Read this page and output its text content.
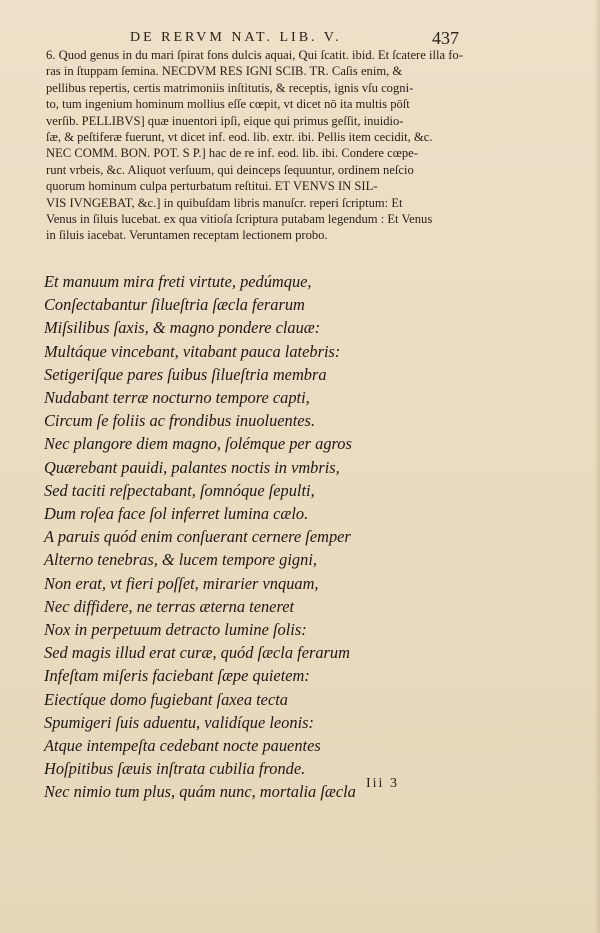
DE RERVM NAT. LIB. V.	437
6. Quod genus in du mari ſpirat fons dulcis aquai, Qui ſcatit. ibid. Et ſcatere illa fo-
ras in ſtuppam ſemina. NECDVM RES IGNI SCIB. TR. Caſis enim, &
pellibus repertis, certis matrimoniis inſtitutis, & receptis, ignis vſu cogni-
to, tum ingenium hominum mollius eſſe cœpit, vt dicet nō ita multis pōſt
verſib. PELLIBVS] quæ inuentori ipſi, eique qui primus geſſit, inuidio-
ſæ, & peſtiferæ fuerunt, vt dicet inf. eod. lib. extr. ibi. Pellis item cecidit, &c.
NEC COMM. BON. POT. S P.] hac de re inf. eod. lib. ibi. Condere cœpe-
runt vrbeis, &c. Aliquot verſuum, qui deinceps ſequuntur, ordinem neſcio
quorum hominum culpa perturbatum reſtitui. ET VENVS IN SIL-
VIS IVNGEBAT, &c.] in quibuſdam libris manuſcr. reperi ſcriptum: Et
Venus in ſiluis lucebat. ex qua vitioſa ſcriptura putabam legendum : Et Venus
in ſiluis iacebat. Veruntamen receptam lectionem probo.
Et manuum mira freti virtute, pedúmque,
Conſectabantur ſilueſtria ſæcla ferarum
Miſsilibus ſaxis, & magno pondere clauæ:
Multáque vincebant, vitabant pauca latebris:
Setigeriſque pares ſuibus ſilueſtria membra
Nudabant terræ nocturno tempore capti,
Circum ſe foliis ac frondibus inuoluentes.
Nec plangore diem magno, ſolémque per agros
Quærebant pauidi, palantes noctis in vmbris,
Sed taciti reſpectabant, ſomnóque ſepulti,
Dum roſea face ſol inferret lumina cælo.
A paruis quód enim conſuerant cernere ſemper
Alterno tenebras, & lucem tempore gigni,
Non erat, vt fieri poſſet, mirarier vnquam,
Nec diffidere, ne terras æterna teneret
Nox in perpetuum detracto lumine ſolis:
Sed magis illud erat curæ, quód ſæcla ferarum
Infeſtam miſeris faciebant ſæpe quietem:
Eiectíque domo fugiebant ſaxea tecta
Spumigeri ſuis aduentu, validíque leonis:
Atque intempeſta cedebant nocte pauentes
Hoſpitibus ſæuis inſtrata cubilia fronde.
Nec nimio tum plus, quám nunc, mortalia ſæcla Iii 3
